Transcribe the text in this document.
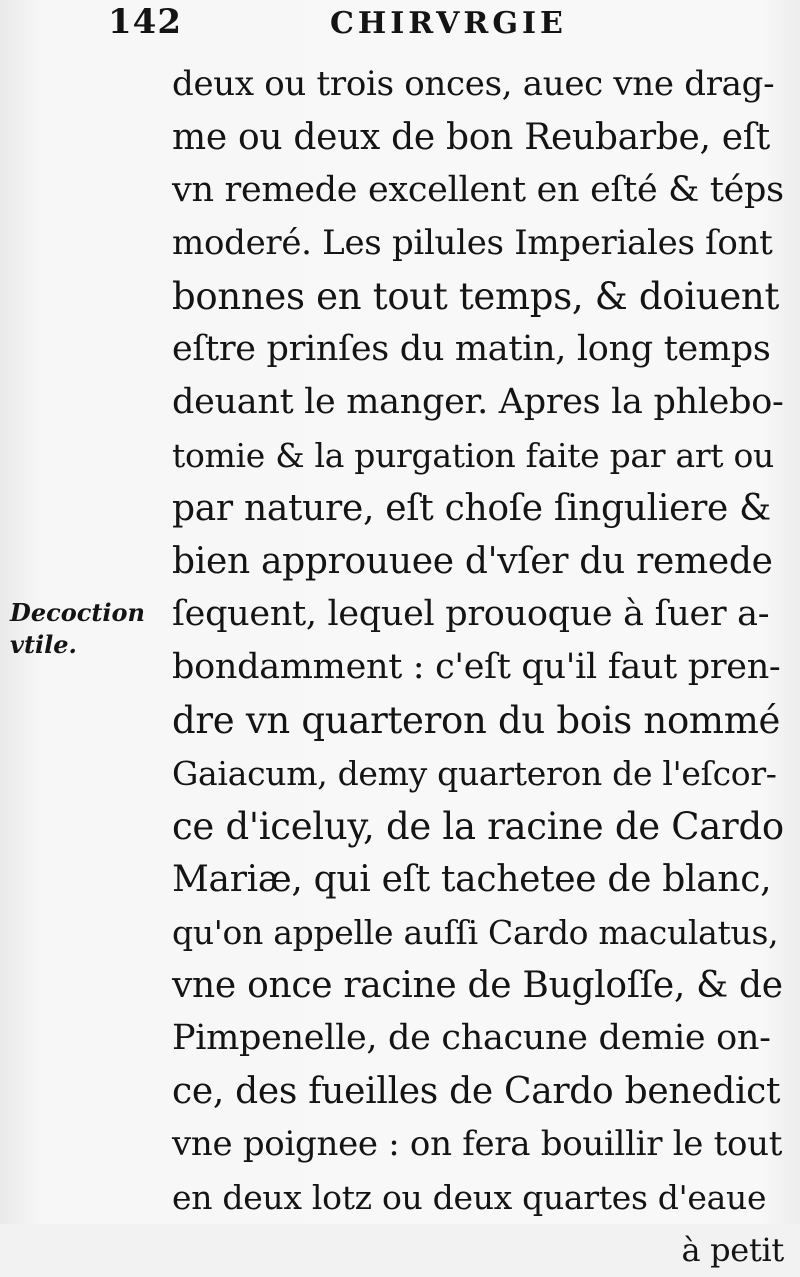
142	CHIRVRGIE
Decoction
vtile.
deux ou trois onces, auec vne drag-
me ou deux de bon Reubarbe, eſt
vn remede excellent en eſté & téps
moderé. Les pilules Imperiales ſont
bonnes en tout temps, & doiuent
eſtre prinſes du matin, long temps
deuant le manger. Apres la phlebo-
tomie & la purgation faite par art ou
par nature, eſt choſe ſinguliere &
bien approuuee d'vſer du remede
ſequent, lequel prouoque à ſuer a-
bondamment : c'eſt qu'il faut pren-
dre vn quarteron du bois nommé
Gaiacum, demy quarteron de l'eſcor-
ce d'iceluy, de la racine de Cardo
Mariæ, qui eſt tachetee de blanc,
qu'on appelle auſſi Cardo maculatus,
vne once racine de Bugloſſe, & de
Pimpenelle, de chacune demie on-
ce, des fueilles de Cardo benedict
vne poignee : on fera bouillir le tout
en deux lotz ou deux quartes d'eaue
à petit
